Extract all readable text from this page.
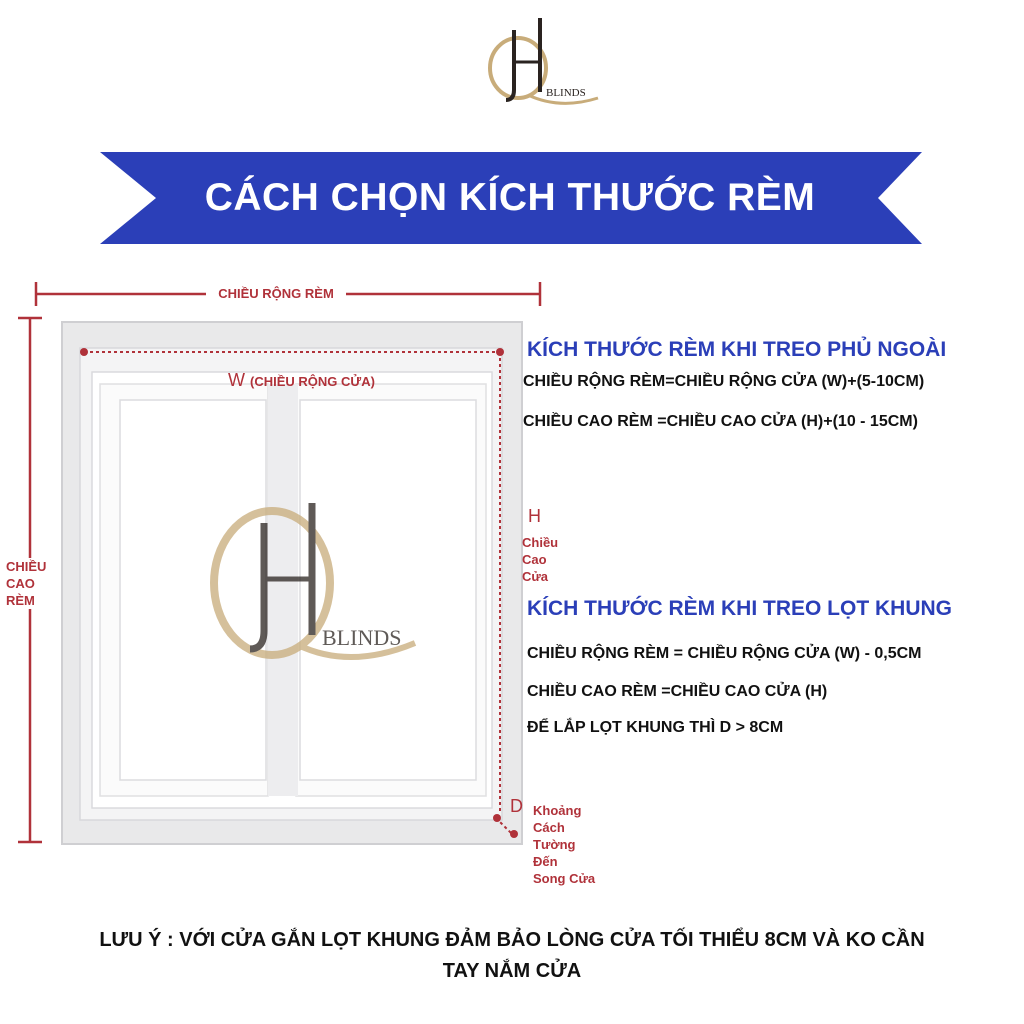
BLINDS
CÁCH CHỌN KÍCH THƯỚC RÈM
BLINDS
CHIỀU RỘNG RÈM
CHIỀU
CAO
RÈM
W (CHIỀU RỘNG CỬA)
H
Chiều
Cao
Cửa
D Khoảng
Cách
Tường
Đến
Song Cửa
KÍCH THƯỚC RÈM KHI TREO PHỦ NGOÀI
CHIỀU RỘNG RÈM=CHIỀU RỘNG CỬA (W)+(5-10CM)
CHIỀU CAO RÈM =CHIỀU CAO CỬA (H)+(10 - 15CM)
KÍCH THƯỚC RÈM KHI TREO LỌT KHUNG
CHIỀU RỘNG RÈM = CHIỀU RỘNG CỬA (W) - 0,5CM
CHIỀU CAO RÈM =CHIỀU CAO CỬA (H)
ĐỂ LẮP LỌT KHUNG THÌ D > 8CM
LƯU Ý : VỚI CỬA GẮN LỌT KHUNG ĐẢM BẢO LÒNG CỬA TỐI THIỂU 8CM VÀ KO CẦN TAY NẮM CỬA
